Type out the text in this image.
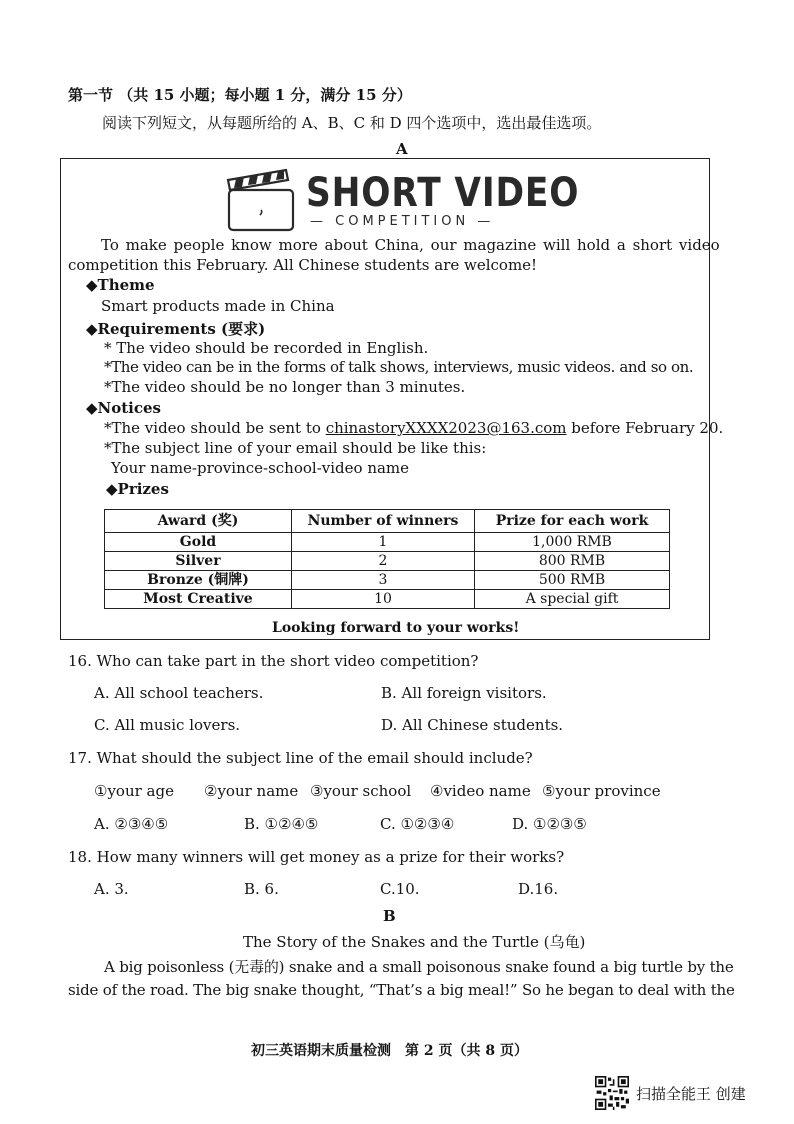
第一节 （共 15 小题；每小题 1 分，满分 15 分）
阅读下列短文，从每题所给的 A、B、C 和 D 四个选项中，选出最佳选项。
A
SHORT VIDEO
— COMPETITION —
To make people know more about China, our magazine will hold a short video
competition this February. All Chinese students are welcome!
◆Theme
Smart products made in China
◆Requirements (要求)
* The video should be recorded in English.
*The video can be in the forms of talk shows, interviews, music videos. and so on.
*The video should be no longer than 3 minutes.
◆Notices
*The video should be sent to chinastoryXXXX2023@163.com before February 20.
*The subject line of your email should be like this:
Your name-province-school-video name
◆Prizes
Award (奖)	Number of winners	Prize for each work
Gold	1	1,000 RMB
Silver	2	800 RMB
Bronze (铜牌)	3	500 RMB
Most Creative	10	A special gift
Looking forward to your works!
16. Who can take part in the short video competition?
A. All school teachers.	B. All foreign visitors.
C. All music lovers.	D. All Chinese students.
17. What should the subject line of the email should include?
①your age ②your name ③your school ④video name ⑤your province
A. ②③④⑤	B. ①②④⑤	C. ①②③④	D. ①②③⑤
18. How many winners will get money as a prize for their works?
A. 3.	B. 6.	C.10.	D.16.
B
The Story of the Snakes and the Turtle (乌龟)
A big poisonless (无毒的) snake and a small poisonous snake found a big turtle by the
side of the road. The big snake thought, “That’s a big meal!” So he began to deal with the
初三英语期末质量检测　第 2 页（共 8 页）
扫描全能王 创建
